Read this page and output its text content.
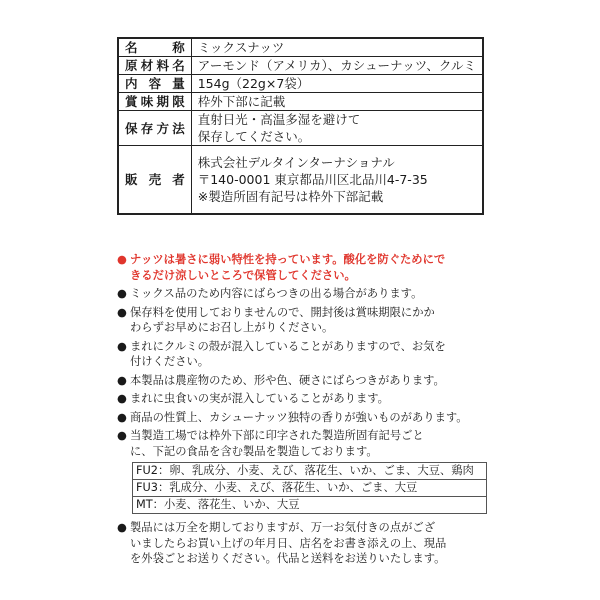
名　　称	ミックスナッツ
原材料名	アーモンド（アメリカ）、カシューナッツ、クルミ
内 容 量	154g（22g×7袋）
賞味期限	枠外下部に記載
保存方法	直射日光・高温多湿を避けて
保存してください。
販 売 者	株式会社デルタインターナショナル
〒140-0001 東京都品川区北品川4-7-35
※製造所固有記号は枠外下部記載
● ナッツは暑さに弱い特性を持っています。酸化を防ぐためにで
きるだけ涼しいところで保管してください。
● ミックス品のため内容にばらつきの出る場合があります。
● 保存料を使用しておりませんので、開封後は賞味期限にかか
わらずお早めにお召し上がりください。
● まれにクルミの殻が混入していることがありますので、お気を
付けください。
● 本製品は農産物のため、形や色、硬さにばらつきがあります。
● まれに虫食いの実が混入していることがあります。
● 商品の性質上、カシューナッツ独特の香りが強いものがあります。
● 当製造工場では枠外下部に印字された製造所固有記号ごと
に、下記の食品を含む製品を製造しております。
FU2：卵、乳成分、小麦、えび、落花生、いか、ごま、大豆、鶏肉
FU3：乳成分、小麦、えび、落花生、いか、ごま、大豆
MT：小麦、落花生、いか、大豆
● 製品には万全を期しておりますが、万一お気付きの点がござ
いましたらお買い上げの年月日、店名をお書き添えの上、現品
を外袋ごとお送りください。代品と送料をお送りいたします。
